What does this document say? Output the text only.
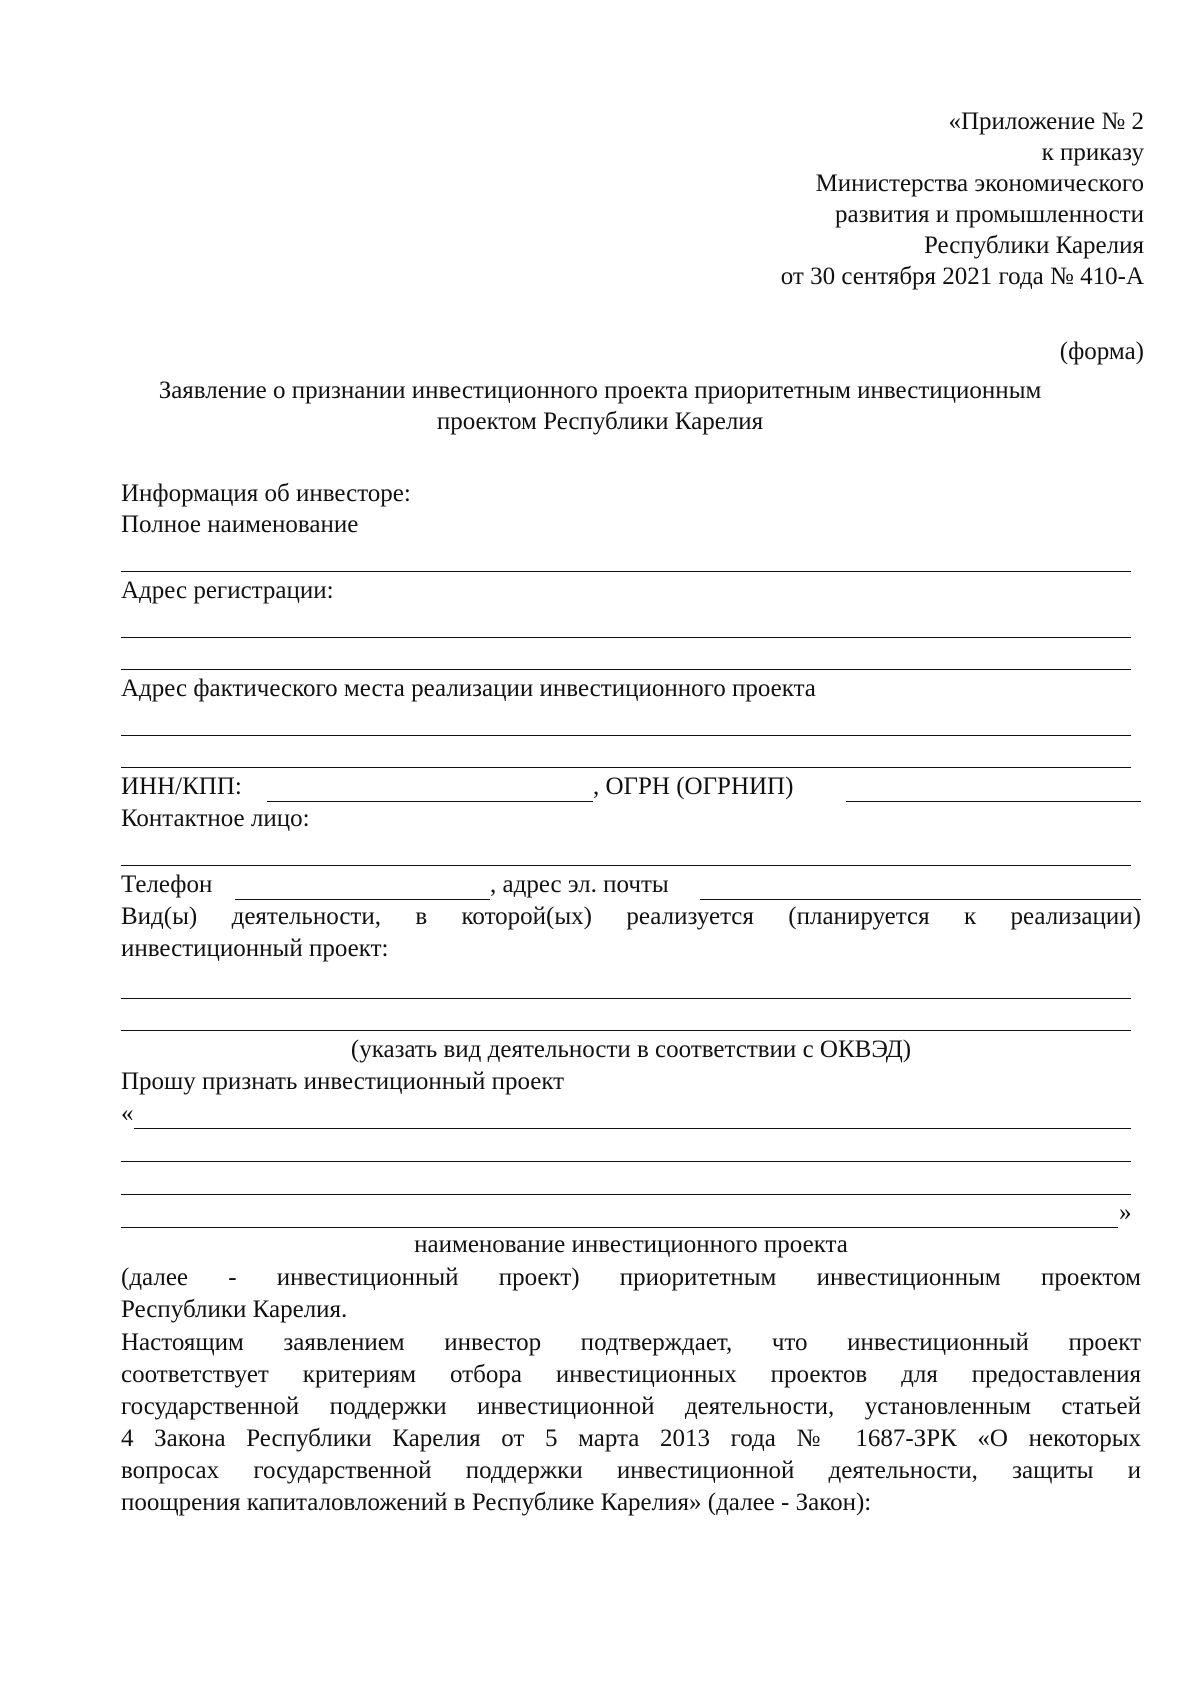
«Приложение № 2
к приказу
Министерства экономического
развития и промышленности
Республики Карелия
от 30 сентября 2021 года № 410-А
(форма)
Заявление о признании инвестиционного проекта приоритетным инвестиционным
проектом Республики Карелия
Информация об инвесторе:
Полное наименование
Адрес регистрации:
Адрес фактического места реализации инвестиционного проекта
ИНН/КПП:	, ОГРН (ОГРНИП)
Контактное лицо:
Телефон	, адрес эл. почты
Вид(ы) деятельности, в которой(ых) реализуется (планируется к реализации)
инвестиционный проект:
(указать вид деятельности в соответствии с ОКВЭД)
Прошу признать инвестиционный проект
«
»
наименование инвестиционного проекта
(далее - инвестиционный проект) приоритетным инвестиционным проектом
Республики Карелия.
Настоящим заявлением инвестор подтверждает, что инвестиционный проект
соответствует критериям отбора инвестиционных проектов для предоставления
государственной поддержки инвестиционной деятельности, установленным статьей
4 Закона Республики Карелия от 5 марта 2013 года № 1687-ЗРК «О некоторых
вопросах государственной поддержки инвестиционной деятельности, защиты и
поощрения капиталовложений в Республике Карелия» (далее - Закон):
